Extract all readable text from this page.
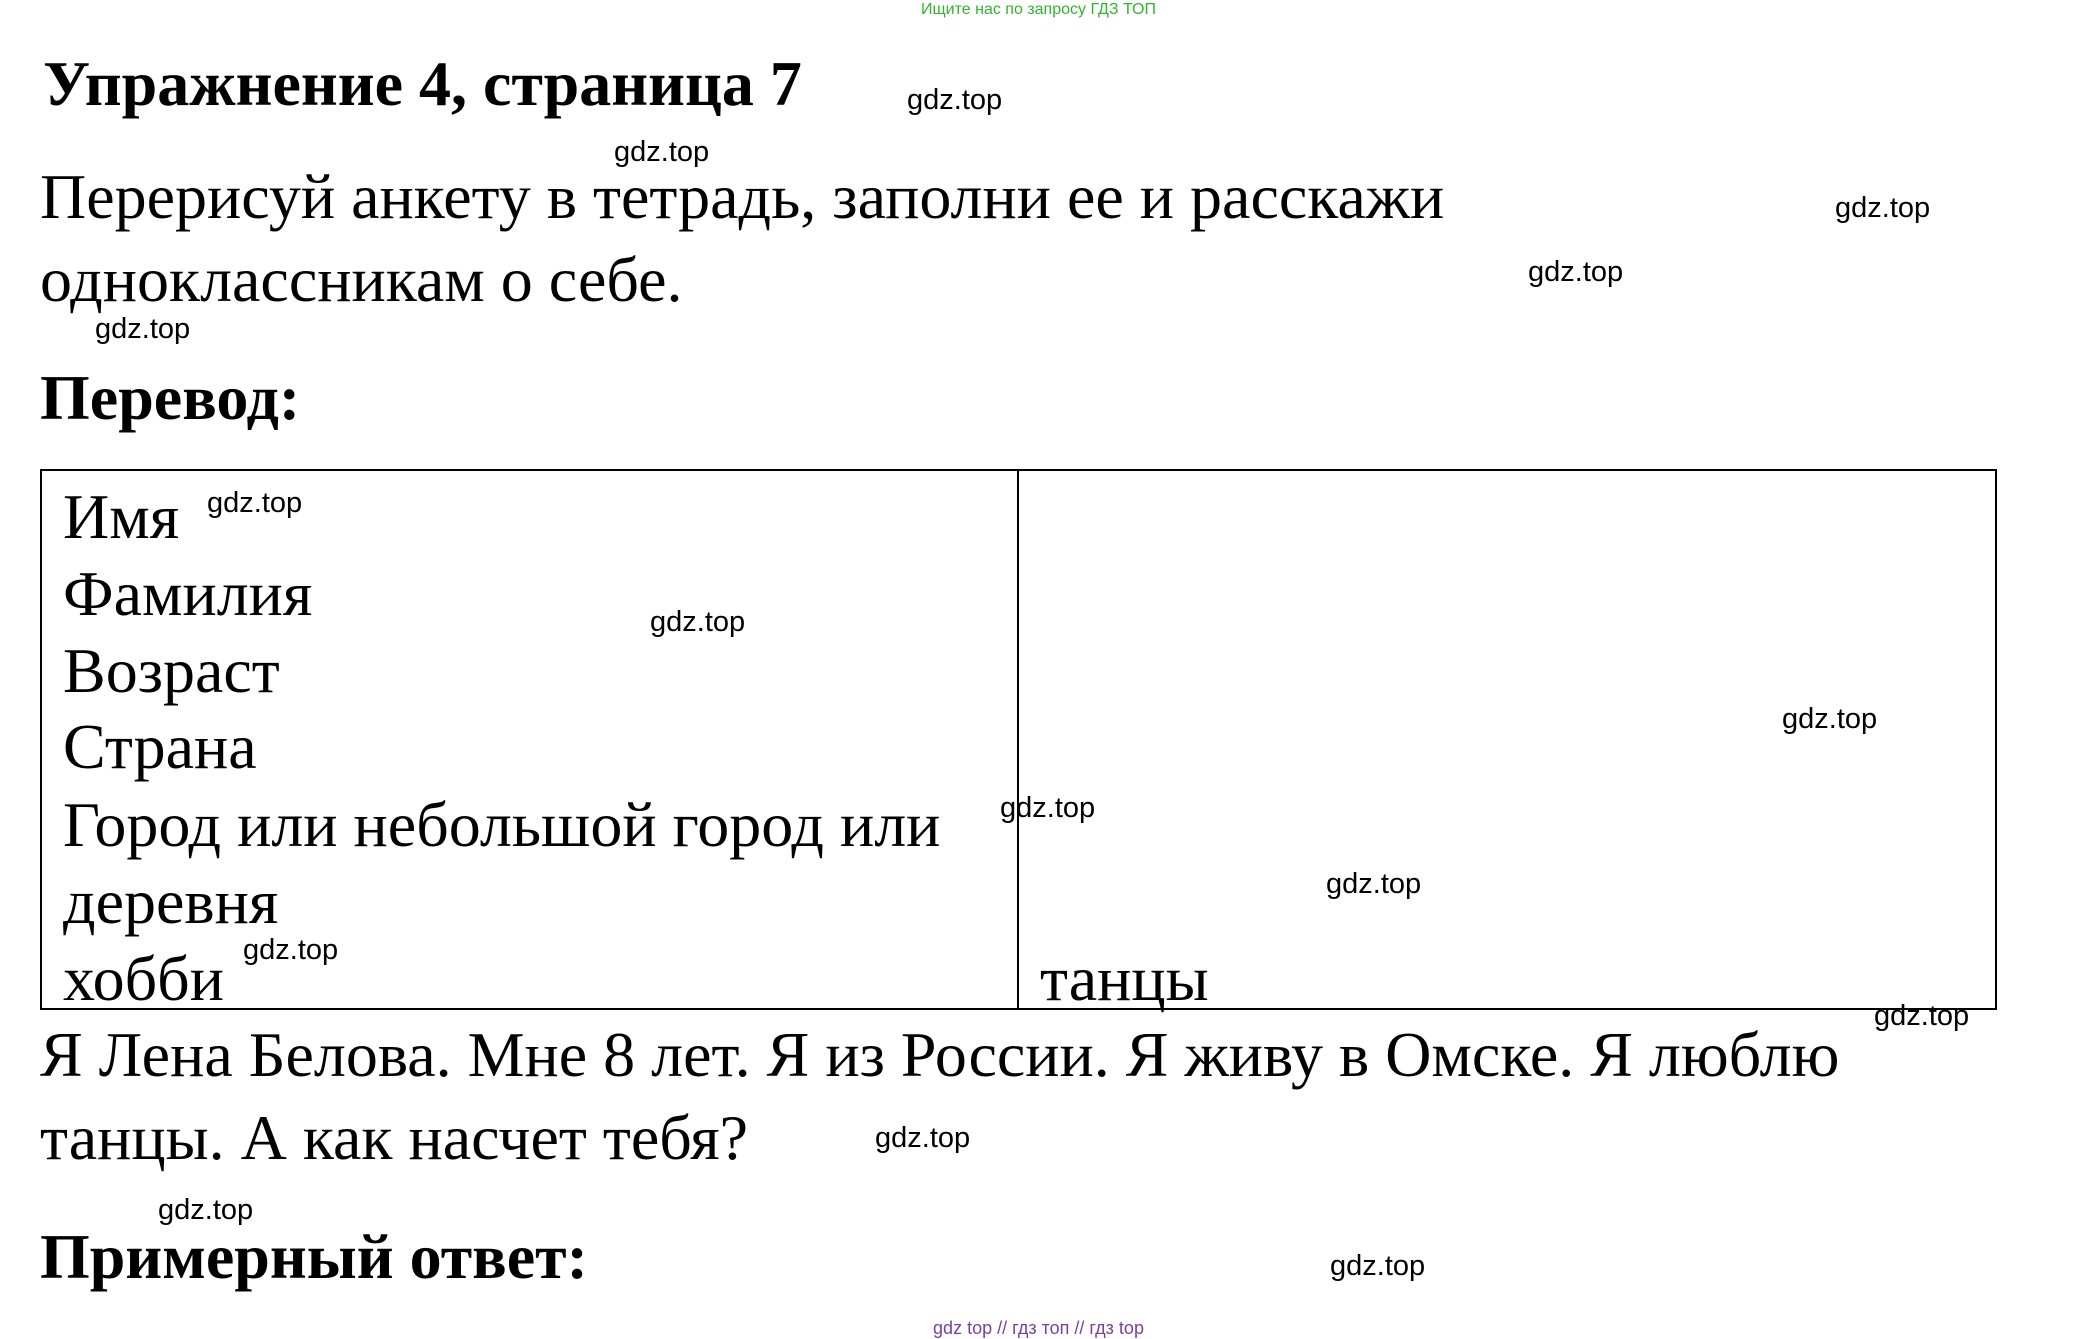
Ищите нас по запросу ГДЗ ТОП
Упражнение 4, страница 7
Перерисуй анкету в тетрадь, заполни ее и расскажи
одноклассникам о себе.
Перевод:
Имя
Фамилия
Возраст
Страна
Город или небольшой город или
деревня
хобби	танцы
Я Лена Белова. Мне 8 лет. Я из России. Я живу в Омске. Я люблю
танцы. А как насчет тебя?
Примерный ответ:
gdz.top
gdz.top
gdz.top
gdz.top
gdz.top
gdz.top
gdz.top
gdz.top
gdz.top
gdz.top
gdz.top
gdz.top
gdz.top
gdz.top
gdz.top
gdz top // гдз топ // гдз top
